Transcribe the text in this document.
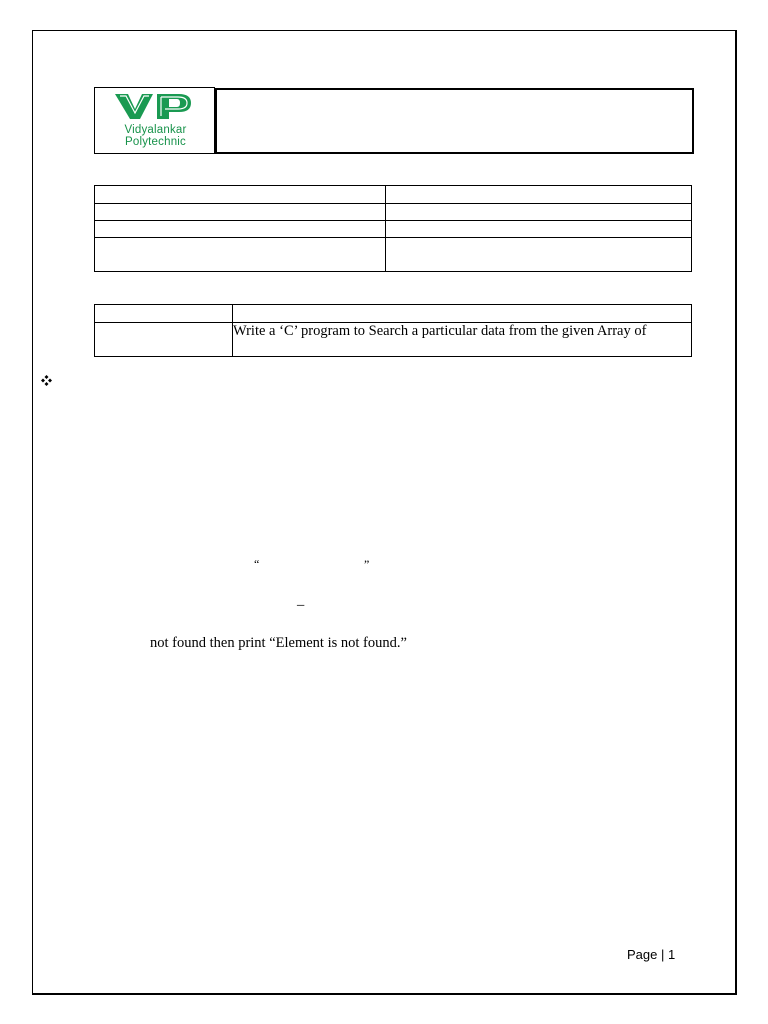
Vidyalankar
Polytechnic

	Write a ‘C’ program to Search a particular data from the given Array of
“	”
–
not found then print “Element is not found.”
Page | 1
